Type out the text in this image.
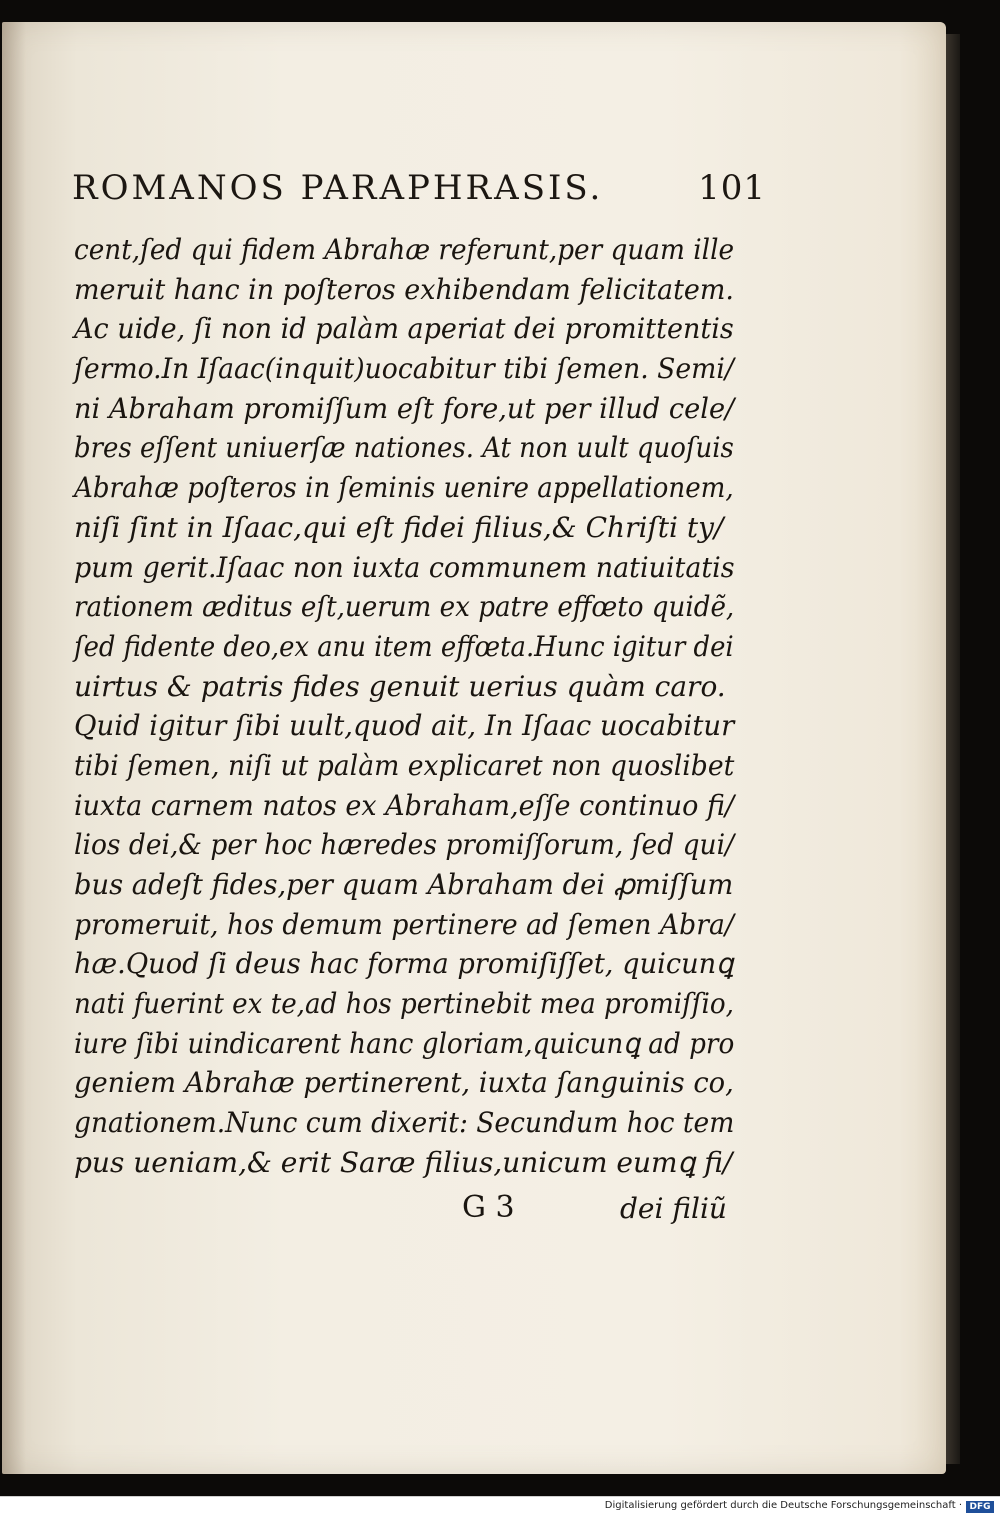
ROMANOS PARAPHRASIS.	101
cent,ſed qui fidem Abrahæ referunt,per quam ille
meruit hanc in poſteros exhibendam felicitatem.
Ac uide, ſi non id palàm aperiat dei promittentis
ſermo.In Iſaac(inquit)uocabitur tibi ſemen. Semi/
ni Abraham promiſſum eſt fore,ut per illud cele/
bres eſſent uniuerſæ nationes. At non uult quoſuis
Abrahæ poſteros in ſeminis uenire appellationem,
niſi ſint in Iſaac,qui eſt fidei filius,& Chriſti ty/
pum gerit.Iſaac non iuxta communem natiuitatis
rationem æditus eſt,uerum ex patre effœto quidẽ,
ſed fidente deo,ex anu item effœta.Hunc igitur dei
uirtus & patris fides genuit uerius quàm caro.
Quid igitur ſibi uult,quod ait, In Iſaac uocabitur
tibi ſemen, niſi ut palàm explicaret non quoslibet
iuxta carnem natos ex Abraham,eſſe continuo fi/
lios dei,& per hoc hæredes promiſſorum, ſed qui/
bus adeſt fides,per quam Abraham dei ꝓmiſſum
promeruit, hos demum pertinere ad ſemen Abra/
hæ.Quod ſi deus hac forma promiſiſſet, quicunꝗ
nati fuerint ex te,ad hos pertinebit mea promiſſio,
iure ſibi uindicarent hanc gloriam,quicunꝗ ad pro
geniem Abrahæ pertinerent, iuxta ſanguinis co,
gnationem.Nunc cum dixerit: Secundum hoc tem
pus ueniam,& erit Saræ filius,unicum eumꝗ fi/
G 3	dei filiũ
Digitalisierung gefördert durch die Deutsche Forschungsgemeinschaft · DFG
